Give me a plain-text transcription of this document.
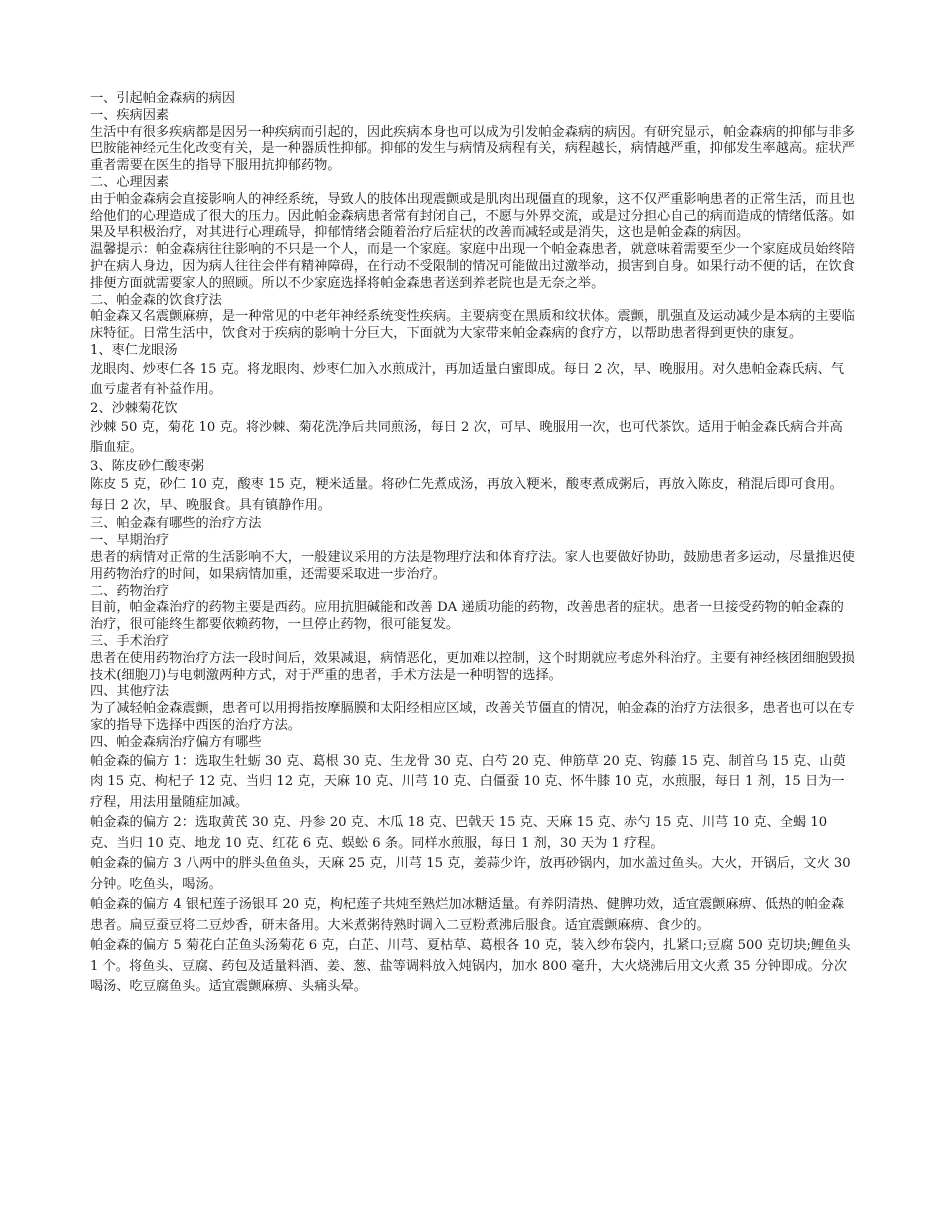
一、引起帕金森病的病因

一、疾病因素

生活中有很多疾病都是因另一种疾病而引起的，因此疾病本身也可以成为引发帕金森病的病因。有研究显示，帕金森病的抑郁与非多巴胺能神经元生化改变有关，是一种器质性抑郁。抑郁的发生与病情及病程有关，病程越长，病情越严重，抑郁发生率越高。症状严重者需要在医生的指导下服用抗抑郁药物。

二、心理因素

由于帕金森病会直接影响人的神经系统，导致人的肢体出现震颤或是肌肉出现僵直的现象，这不仅严重影响患者的正常生活，而且也给他们的心理造成了很大的压力。因此帕金森病患者常有封闭自己，不愿与外界交流，或是过分担心自己的病而造成的情绪低落。如果及早积极治疗，对其进行心理疏导，抑郁情绪会随着治疗后症状的改善而减轻或是消失，这也是帕金森的病因。

温馨提示：帕金森病往往影响的不只是一个人，而是一个家庭。家庭中出现一个帕金森患者，就意味着需要至少一个家庭成员始终陪护在病人身边，因为病人往往会伴有精神障碍，在行动不受限制的情况可能做出过激举动，损害到自身。如果行动不便的话，在饮食排便方面就需要家人的照顾。所以不少家庭选择将帕金森患者送到养老院也是无奈之举。

二、帕金森的饮食疗法

帕金森又名震颤麻痹，是一种常见的中老年神经系统变性疾病。主要病变在黑质和纹状体。震颤，肌强直及运动减少是本病的主要临床特征。日常生活中，饮食对于疾病的影响十分巨大，下面就为大家带来帕金森病的食疗方，以帮助患者得到更快的康复。

1、枣仁龙眼汤

龙眼肉、炒枣仁各 15 克。将龙眼肉、炒枣仁加入水煎成汁，再加适量白蜜即成。每日 2 次，早、晚服用。对久患帕金森氏病、气血亏虚者有补益作用。

2、沙棘菊花饮

沙棘 50 克，菊花 10 克。将沙棘、菊花洗净后共同煎汤，每日 2 次，可早、晚服用一次，也可代茶饮。适用于帕金森氏病合并高脂血症。

3、陈皮砂仁酸枣粥

陈皮 5 克，砂仁 10 克，酸枣 15 克，粳米适量。将砂仁先煮成汤，再放入粳米，酸枣煮成粥后，再放入陈皮，稍混后即可食用。每日 2 次，早、晚服食。具有镇静作用。

三、帕金森有哪些的治疗方法

一、早期治疗

患者的病情对正常的生活影响不大，一般建议采用的方法是物理疗法和体育疗法。家人也要做好协助，鼓励患者多运动，尽量推迟使用药物治疗的时间，如果病情加重，还需要采取进一步治疗。

二、药物治疗

目前，帕金森治疗的药物主要是西药。应用抗胆碱能和改善 DA 递质功能的药物，改善患者的症状。患者一旦接受药物的帕金森的治疗，很可能终生都要依赖药物，一旦停止药物，很可能复发。

三、手术治疗

患者在使用药物治疗方法一段时间后，效果减退，病情恶化，更加难以控制，这个时期就应考虑外科治疗。主要有神经核团细胞毁损技术(细胞刀)与电刺激两种方式，对于严重的患者，手术方法是一种明智的选择。

四、其他疗法

为了减轻帕金森震颤，患者可以用拇指按摩膈膜和太阳经相应区域，改善关节僵直的情况，帕金森的治疗方法很多，患者也可以在专家的指导下选择中西医的治疗方法。

四、帕金森病治疗偏方有哪些

帕金森的偏方 1：选取生牡蛎 30 克、葛根 30 克、生龙骨 30 克、白芍 20 克、伸筋草 20 克、钩藤 15 克、制首乌 15 克、山萸肉 15 克、枸杞子 12 克、当归 12 克，天麻 10 克、川芎 10 克、白僵蚕 10 克、怀牛膝 10 克，水煎服，每日 1 剂，15 日为一疗程，用法用量随症加减。

帕金森的偏方 2：选取黄芪 30 克、丹参 20 克、木瓜 18 克、巴戟天 15 克、天麻 15 克、赤勺 15 克、川芎 10 克、全蝎 10 克、当归 10 克、地龙 10 克、红花 6 克、蜈蚣 6 条。同样水煎服，每日 1 剂，30 天为 1 疗程。

帕金森的偏方 3 八两中的胖头鱼鱼头，天麻 25 克，川芎 15 克，姜蒜少许，放再砂锅内，加水盖过鱼头。大火，开锅后，文火 30 分钟。吃鱼头，喝汤。

帕金森的偏方 4 银杞莲子汤银耳 20 克，枸杞莲子共炖至熟烂加冰糖适量。有养阴清热、健脾功效，适宜震颤麻痹、低热的帕金森患者。扁豆蚕豆将二豆炒香，研末备用。大米煮粥待熟时调入二豆粉煮沸后服食。适宜震颤麻痹、食少的。

帕金森的偏方 5 菊花白芷鱼头汤菊花 6 克，白芷、川芎、夏枯草、葛根各 10 克，装入纱布袋内，扎紧口;豆腐 500 克切块;鲤鱼头 1 个。将鱼头、豆腐、药包及适量料酒、姜、葱、盐等调料放入炖锅内，加水 800 毫升，大火烧沸后用文火煮 35 分钟即成。分次喝汤、吃豆腐鱼头。适宜震颤麻痹、头痛头晕。
